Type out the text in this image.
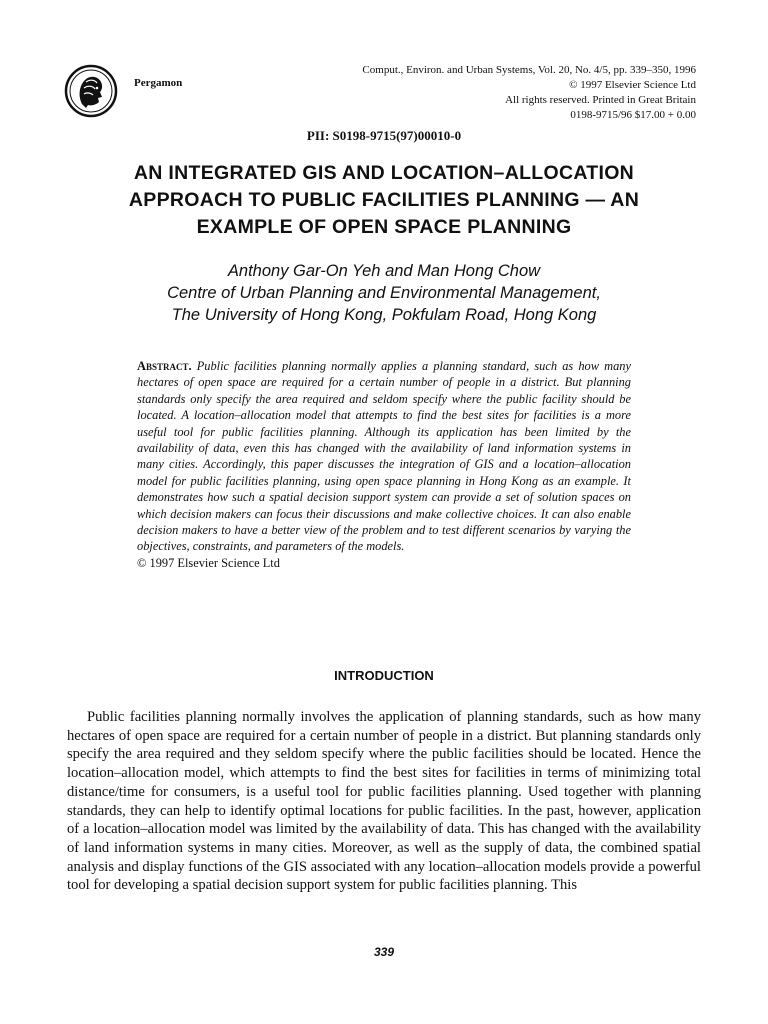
Pergamon
Comput., Environ. and Urban Systems, Vol. 20, No. 4/5, pp. 339–350, 1996
© 1997 Elsevier Science Ltd
All rights reserved. Printed in Great Britain
0198-9715/96 $17.00 + 0.00
PII: S0198-9715(97)00010-0
AN INTEGRATED GIS AND LOCATION–ALLOCATION
APPROACH TO PUBLIC FACILITIES PLANNING — AN
EXAMPLE OF OPEN SPACE PLANNING
Anthony Gar-On Yeh and Man Hong Chow
Centre of Urban Planning and Environmental Management,
The University of Hong Kong, Pokfulam Road, Hong Kong
Abstract. Public facilities planning normally applies a planning standard, such as how many hectares of open space are required for a certain number of people in a district. But planning standards only specify the area required and seldom specify where the public facility should be located. A location–allocation model that attempts to find the best sites for facilities is a more useful tool for public facilities planning. Although its application has been limited by the availability of data, even this has changed with the availability of land information systems in many cities. Accordingly, this paper discusses the integration of GIS and a location–allocation model for public facilities planning, using open space planning in Hong Kong as an example. It demonstrates how such a spatial decision support system can provide a set of solution spaces on which decision makers can focus their discussions and make collective choices. It can also enable decision makers to have a better view of the problem and to test different scenarios by varying the objectives, constraints, and parameters of the models.
© 1997 Elsevier Science Ltd
INTRODUCTION

Public facilities planning normally involves the application of planning standards, such as how many hectares of open space are required for a certain number of people in a district. But planning standards only specify the area required and they seldom specify where the public facilities should be located. Hence the location–allocation model, which attempts to find the best sites for facilities in terms of minimizing total distance/time for consumers, is a useful tool for public facilities planning. Used together with planning standards, they can help to identify optimal locations for public facilities. In the past, however, application of a location–allocation model was limited by the availability of data. This has changed with the availability of land information systems in many cities. Moreover, as well as the supply of data, the combined spatial analysis and display functions of the GIS associated with any location–allocation models provide a powerful tool for developing a spatial decision support system for public facilities planning. This

339
